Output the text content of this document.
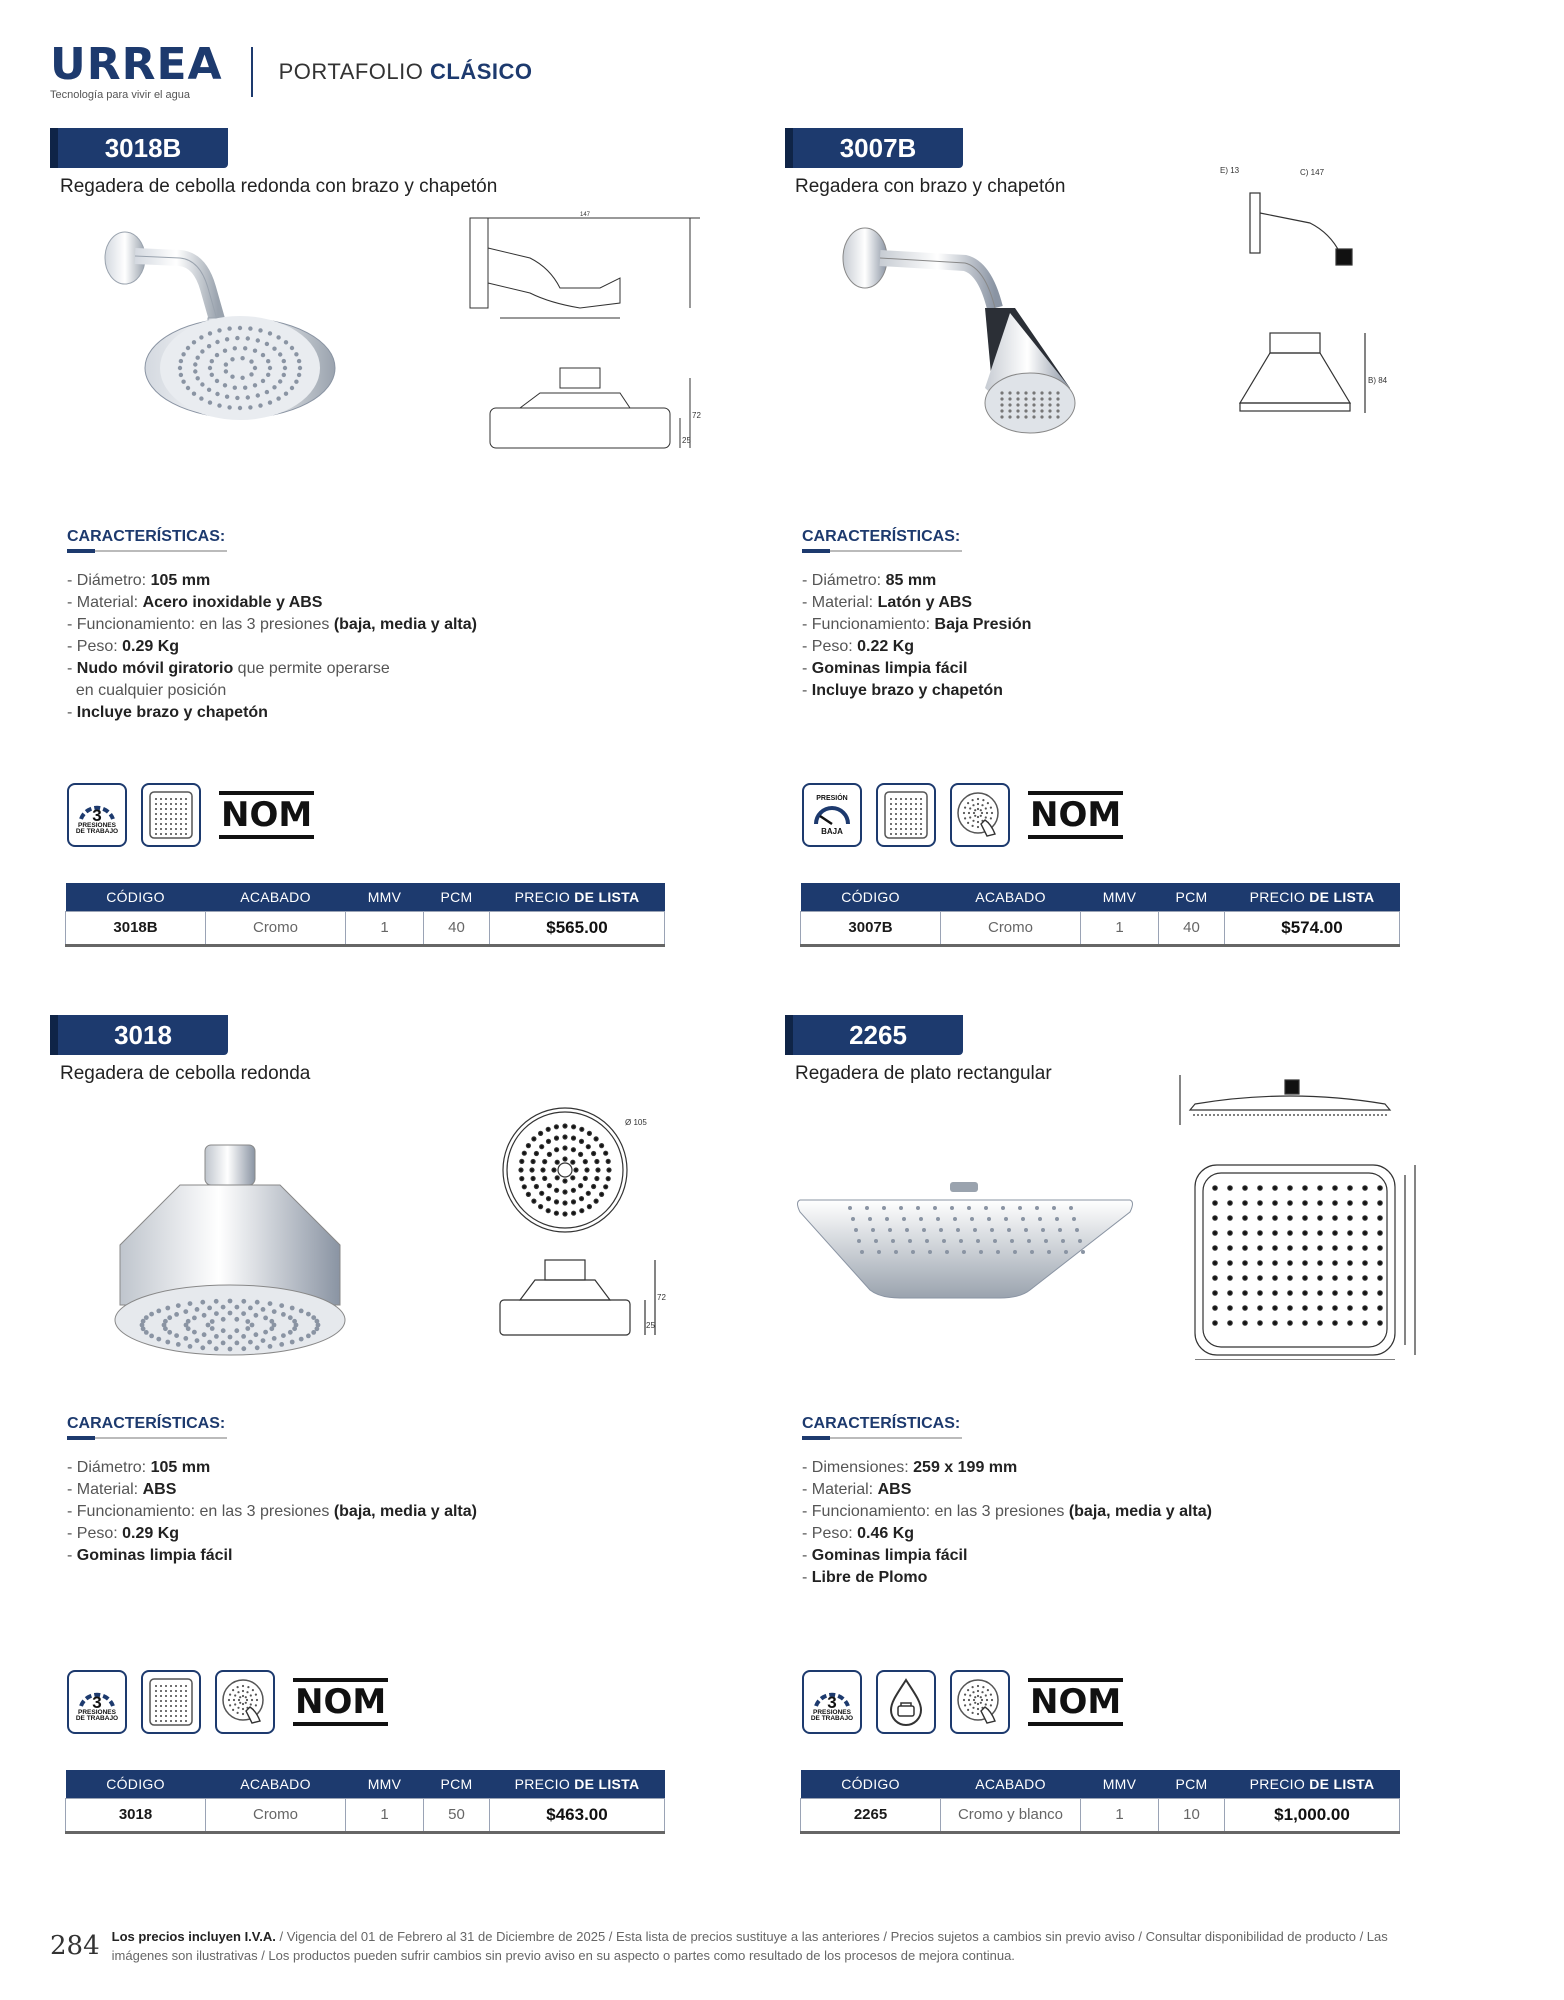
URREA
Tecnología para vivir el agua
PORTAFOLIO CLÁSICO
3018B
Regadera de cebolla redonda con brazo y chapetón
147
72
25
CARACTERÍSTICAS:
- Diámetro: 105 mm
- Material: Acero inoxidable y ABS
- Funcionamiento: en las 3 presiones (baja, media y alta)
- Peso: 0.29 Kg
- Nudo móvil giratorio que permite operarse
en cualquier posición
- Incluye brazo y chapetón
3
PRESIONES
DE TRABAJO	NOM
CÓDIGO	ACABADO	MMV	PCM	PRECIO DE LISTA
3018B	Cromo	1	40	$565.00
3007B
Regadera con brazo y chapetón
E) 13	C) 147
B) 84
CARACTERÍSTICAS:
- Diámetro: 85 mm
- Material: Latón y ABS
- Funcionamiento: Baja Presión
- Peso: 0.22 Kg
- Gominas limpia fácil
- Incluye brazo y chapetón
PRESIÓN
BAJA	NOM
CÓDIGO	ACABADO	MMV	PCM	PRECIO DE LISTA
3007B	Cromo	1	40	$574.00
3018
Regadera de cebolla redonda
Ø 105
72
25
CARACTERÍSTICAS:
- Diámetro: 105 mm
- Material: ABS
- Funcionamiento: en las 3 presiones (baja, media y alta)
- Peso: 0.29 Kg
- Gominas limpia fácil
3
PRESIONES
DE TRABAJO	NOM
CÓDIGO	ACABADO	MMV	PCM	PRECIO DE LISTA
3018	Cromo	1	50	$463.00
2265
Regadera de plato rectangular
CARACTERÍSTICAS:
- Dimensiones: 259 x 199 mm
- Material: ABS
- Funcionamiento: en las 3 presiones (baja, media y alta)
- Peso: 0.46 Kg
- Gominas limpia fácil
- Libre de Plomo
3
PRESIONES
DE TRABAJO	NOM
CÓDIGO	ACABADO	MMV	PCM	PRECIO DE LISTA
2265	Cromo y blanco	1	10	$1,000.00
284 Los precios incluyen I.V.A. / Vigencia del 01 de Febrero al 31 de Diciembre de 2025 / Esta lista de precios sustituye a las anteriores / Precios sujetos a cambios sin previo aviso / Consultar disponibilidad de producto / Las imágenes son ilustrativas / Los productos pueden sufrir cambios sin previo aviso en su aspecto o partes como resultado de los procesos de mejora continua.
